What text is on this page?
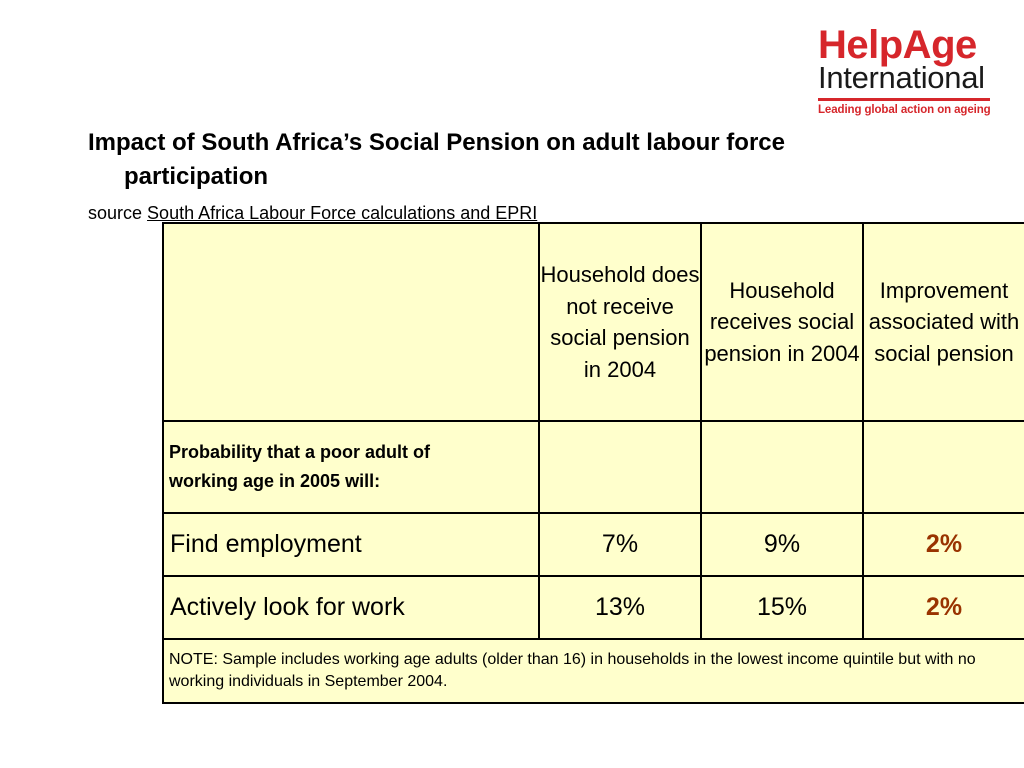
HelpAge
International
Leading global action on ageing
Impact of South Africa’s Social Pension on adult labour force
participation
source South Africa Labour Force calculations and EPRI
	Household does not receive social pension in 2004	Household receives social pension in 2004	Improvement associated with social pension

Probability that a poor adult of working age in 2005 will:			

Find employment	7%	9%	2%
Actively look for work	13%	15%	2%
NOTE: Sample includes working age adults (older than 16) in households in the lowest income quintile but with no working individuals in September 2004.			
